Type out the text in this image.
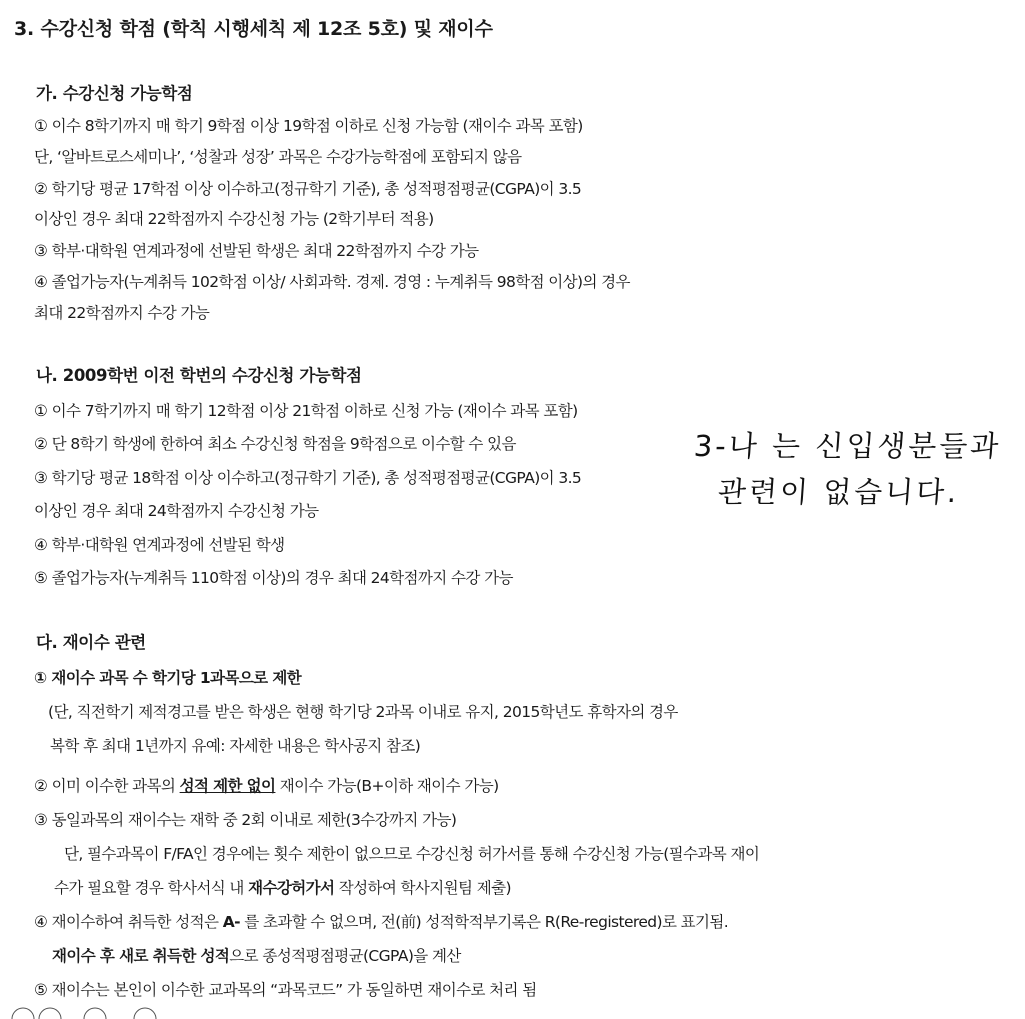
3. 수강신청 학점 (학칙 시행세칙 제 12조 5호) 및 재이수
가. 수강신청 가능학점
① 이수 8학기까지 매 학기 9학점 이상 19학점 이하로 신청 가능함 (재이수 과목 포함)
단, ‘알바트로스세미나’, ‘성찰과 성장’ 과목은 수강가능학점에 포함되지 않음
② 학기당 평균 17학점 이상 이수하고(정규학기 기준), 총 성적평점평균(CGPA)이 3.5
이상인 경우 최대 22학점까지 수강신청 가능 (2학기부터 적용)
③ 학부·대학원 연계과정에 선발된 학생은 최대 22학점까지 수강 가능
④ 졸업가능자(누계취득 102학점 이상/ 사회과학. 경제. 경영 : 누계취득 98학점 이상)의 경우
최대 22학점까지 수강 가능
나. 2009학번 이전 학번의 수강신청 가능학점
① 이수 7학기까지 매 학기 12학점 이상 21학점 이하로 신청 가능 (재이수 과목 포함)
② 단 8학기 학생에 한하여 최소 수강신청 학점을 9학점으로 이수할 수 있음
③ 학기당 평균 18학점 이상 이수하고(정규학기 기준), 총 성적평점평균(CGPA)이 3.5
이상인 경우 최대 24학점까지 수강신청 가능
④ 학부·대학원 연계과정에 선발된 학생
⑤ 졸업가능자(누계취득 110학점 이상)의 경우 최대 24학점까지 수강 가능
3-나 는 신입생분들과
관련이 없습니다.
다. 재이수 관련
① 재이수 과목 수 학기당 1과목으로 제한
(단, 직전학기 제적경고를 받은 학생은 현행 학기당 2과목 이내로 유지, 2015학년도 휴학자의 경우
복학 후 최대 1년까지 유예: 자세한 내용은 학사공지 참조)
② 이미 이수한 과목의 성적 제한 없이 재이수 가능(B+이하 재이수 가능)
③ 동일과목의 재이수는 재학 중 2회 이내로 제한(3수강까지 가능)
단, 필수과목이 F/FA인 경우에는 횟수 제한이 없으므로 수강신청 허가서를 통해 수강신청 가능(필수과목 재이
수가 필요할 경우 학사서식 내 재수강허가서 작성하여 학사지원팀 제출)
④ 재이수하여 취득한 성적은 A- 를 초과할 수 없으며, 전(前) 성적학적부기록은 R(Re-registered)로 표기됨.
재이수 후 새로 취득한 성적으로 종성적평점평균(CGPA)을 계산
⑤ 재이수는 본인이 이수한 교과목의 “과목코드” 가 동일하면 재이수로 처리 됨
